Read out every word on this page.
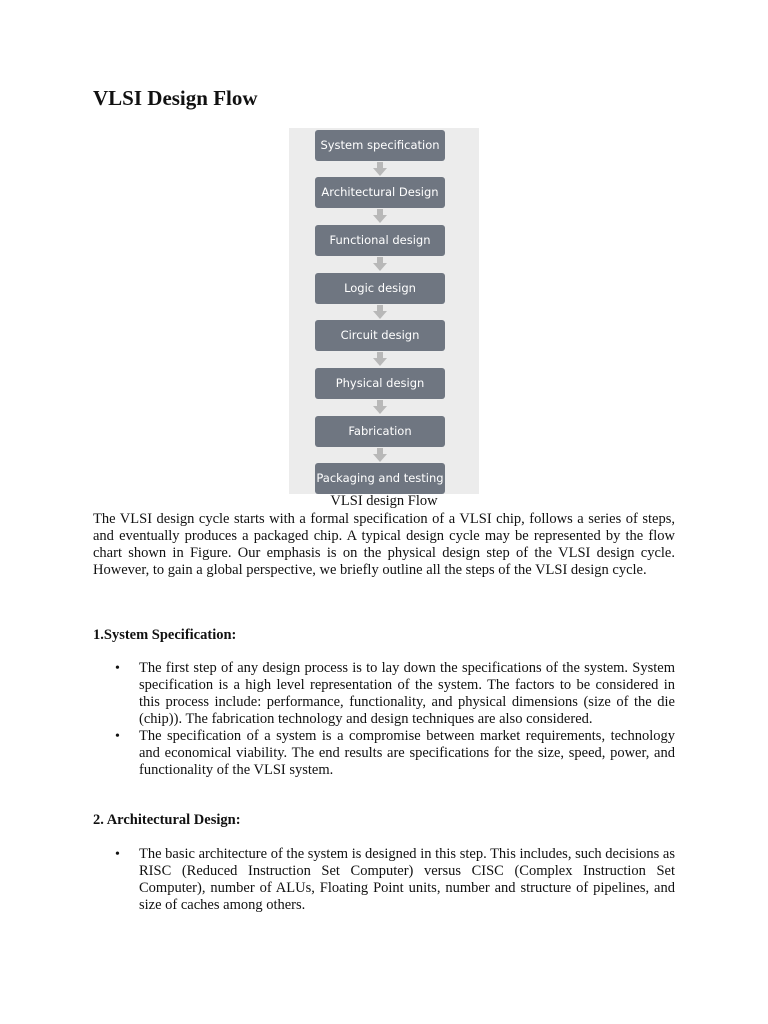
VLSI Design Flow
System specification
Architectural Design
Functional design
Logic design
Circuit design
Physical design
Fabrication
Packaging and testing

VLSI design Flow

The VLSI design cycle starts with a formal specification of a VLSI chip, follows a series of steps, and eventually produces a packaged chip. A typical design cycle may be represented by the flow chart shown in Figure. Our emphasis is on the physical design step of the VLSI design cycle. However, to gain a global perspective, we briefly outline all the steps of the VLSI design cycle.

1.System Specification:

• The first step of any design process is to lay down the specifications of the system. System specification is a high level representation of the system. The factors to be considered in this process include: performance, functionality, and physical dimensions (size of the die (chip)). The fabrication technology and design techniques are also considered.
• The specification of a system is a compromise between market requirements, technology and economical viability. The end results are specifications for the size, speed, power, and functionality of the VLSI system.

2. Architectural Design:

• The basic architecture of the system is designed in this step. This includes, such decisions as RISC (Reduced Instruction Set Computer) versus CISC (Complex Instruction Set Computer), number of ALUs, Floating Point units, number and structure of pipelines, and size of caches among others.
